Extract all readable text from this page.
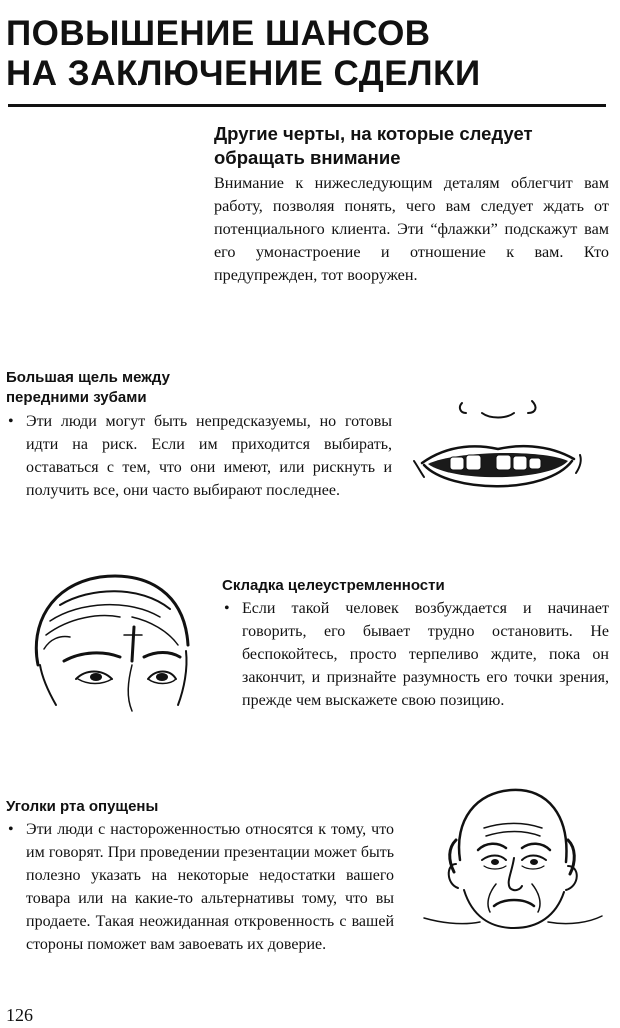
ПОВЫШЕНИЕ ШАНСОВ
НА ЗАКЛЮЧЕНИЕ СДЕЛКИ
Другие черты, на которые следует
обращать внимание

Внимание к нижеследующим деталям облегчит вам работу, позволяя понять, чего вам следует ждать от потенциального клиента. Эти “флажки” подскажут вам его умонастроение и отношение к вам. Кто предупрежден, тот вооружен.

Большая щель между
передними зубами
• Эти люди могут быть непредсказуемы, но готовы идти на риск. Если им приходится выбирать, оставаться с тем, что они имеют, или рискнуть и получить все, они часто выбирают последнее.

Складка целеустремленности
• Если такой человек возбуждается и начинает говорить, его бывает трудно остановить. Не беспокойтесь, просто терпеливо ждите, пока он закончит, и признайте разумность его точки зрения, прежде чем выскажете свою позицию.

Уголки рта опущены
• Эти люди с настороженностью относятся к тому, что им говорят. При проведении презентации может быть полезно указать на некоторые недостатки вашего товара или на какие-то альтернативы тому, что вы продаете. Такая неожиданная откровенность с вашей стороны поможет вам завоевать их доверие.

126
